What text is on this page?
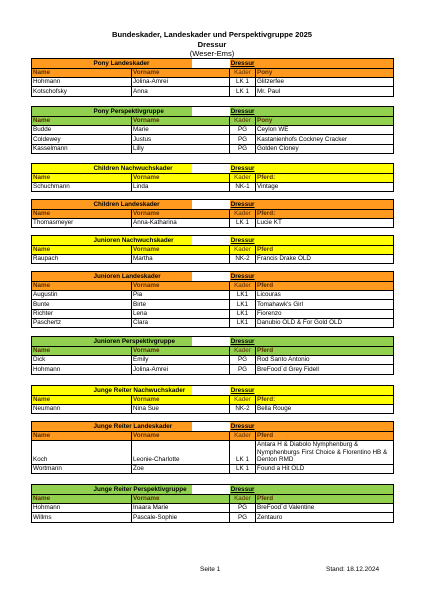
Bundeskader, Landeskader und Perspektivgruppe 2025
Dressur
(Weser-Ems)
	Pony Landeskader	Dressur	
Name	Vorname	Kader	Pony
Hohmann	Jolina-Amrei	LK 1	Glitzerfee
Kotschofsky	Anna	LK 1	Mr. Paul
	Pony Perspektivgruppe	Dressur	
Name	Vorname	Kader	Pony
Budde	Marie	PG	Ceylon WE
Coldewey	Justus	PG	Kastanienhofs Cockney Cracker
Kasselmann	Lilly	PG	Golden Cloney
	Children Nachwuchskader	Dressur	
Name	Vorname	Kader	Pferd:
Schuchmann	Linda	NK-1	Vintage
	Children Landeskader	Dressur	
Name	Vorname	Kader	Pferd:
Thomasmeyer	Anna-Katharina	LK 1	Lucie KT
	Junioren Nachwuchskader	Dressur	
Name	Vorname	Kader	Pferd
Raupach	Martha	NK-2	Francis Drake OLD
	Junioren Landeskader	Dressur	
Name	Vorname	Kader	Pferd
Augustin	Pia	LK1	Licouras
Bunte	Birte	LK1	Tomahawk's Girl
Richter	Lena	LK1	Fiorenzo
Paschertz	Clara	LK1	Danubio OLD & For Gold OLD
	Junioren Perspektivgruppe	Dressur	
Name	Vorname	Kader	Pferd
Dick	Emily	PG	Rod Santo Antonio
Hohmann	Jolina-Amrei	PG	BreFood´d Grey Fidell
	Junge Reiter Nachwuchskader	Dressur	
Name	Vorname	Kader	Pferd:
Neumann	Nina Sue	NK-2	Bella Rouge
	Junge Reiter Landeskader	Dressur	
Name	Vorname	Kader	Pferd
Koch	Leonie-Charlotte	LK 1	Antara H & Diabolo Nymphenburg & Nymphenburgs First Choice & Florentino HB & Denton RMD
Wortmann	Zoe	LK 1	Found a Hit OLD
	Junge Reiter Perspektivgruppe	Dressur	
Name	Vorname	Kader	Pferd
Hohmann	Inaara Marie	PG	BreFood´d Valentine
Willms	Pascale-Sophie	PG	Zentauro
Seite 1	Stand: 18.12.2024
